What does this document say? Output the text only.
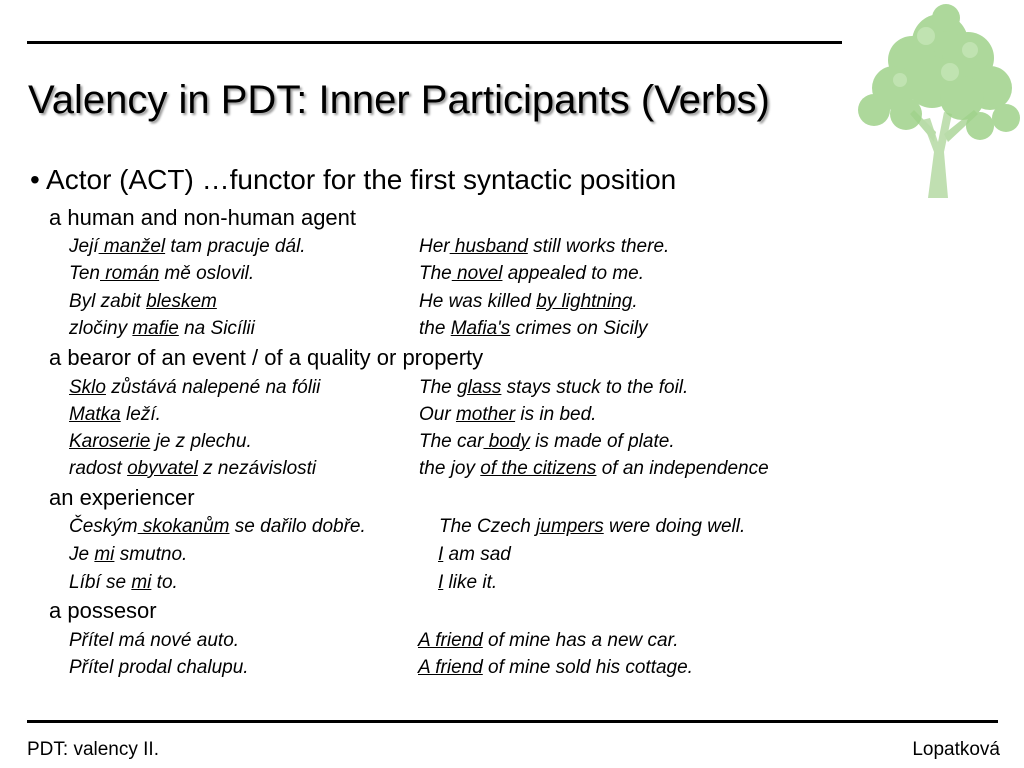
Valency in PDT: Inner Participants (Verbs)
• Actor (ACT) …functor for the first syntactic position
a human and non-human agent
Její manžel tam pracuje dál.	Her husband still works there.
Ten román mě oslovil.	The novel appealed to me.
Byl zabit bleskem	He was killed by lightning.
zločiny mafie na Sicílii	the Mafia's crimes on Sicily
a bearor of an event / of a quality or property
Sklo zůstává nalepené na fólii	The glass stays stuck to the foil.
Matka leží.	Our mother is in bed.
Karoserie je z plechu.	The car body is made of plate.
radost obyvatel z nezávislosti	the joy of the citizens of an independence
an experiencer
Českým skokanům se dařilo dobře.	The Czech jumpers were doing well.
Je mi smutno.	I am sad
Líbí se mi to.	I like it.
a possesor
Přítel má nové auto.	A friend of mine has a new car.
Přítel prodal chalupu.	A friend of mine sold his cottage.
PDT: valency II.	Lopatková
